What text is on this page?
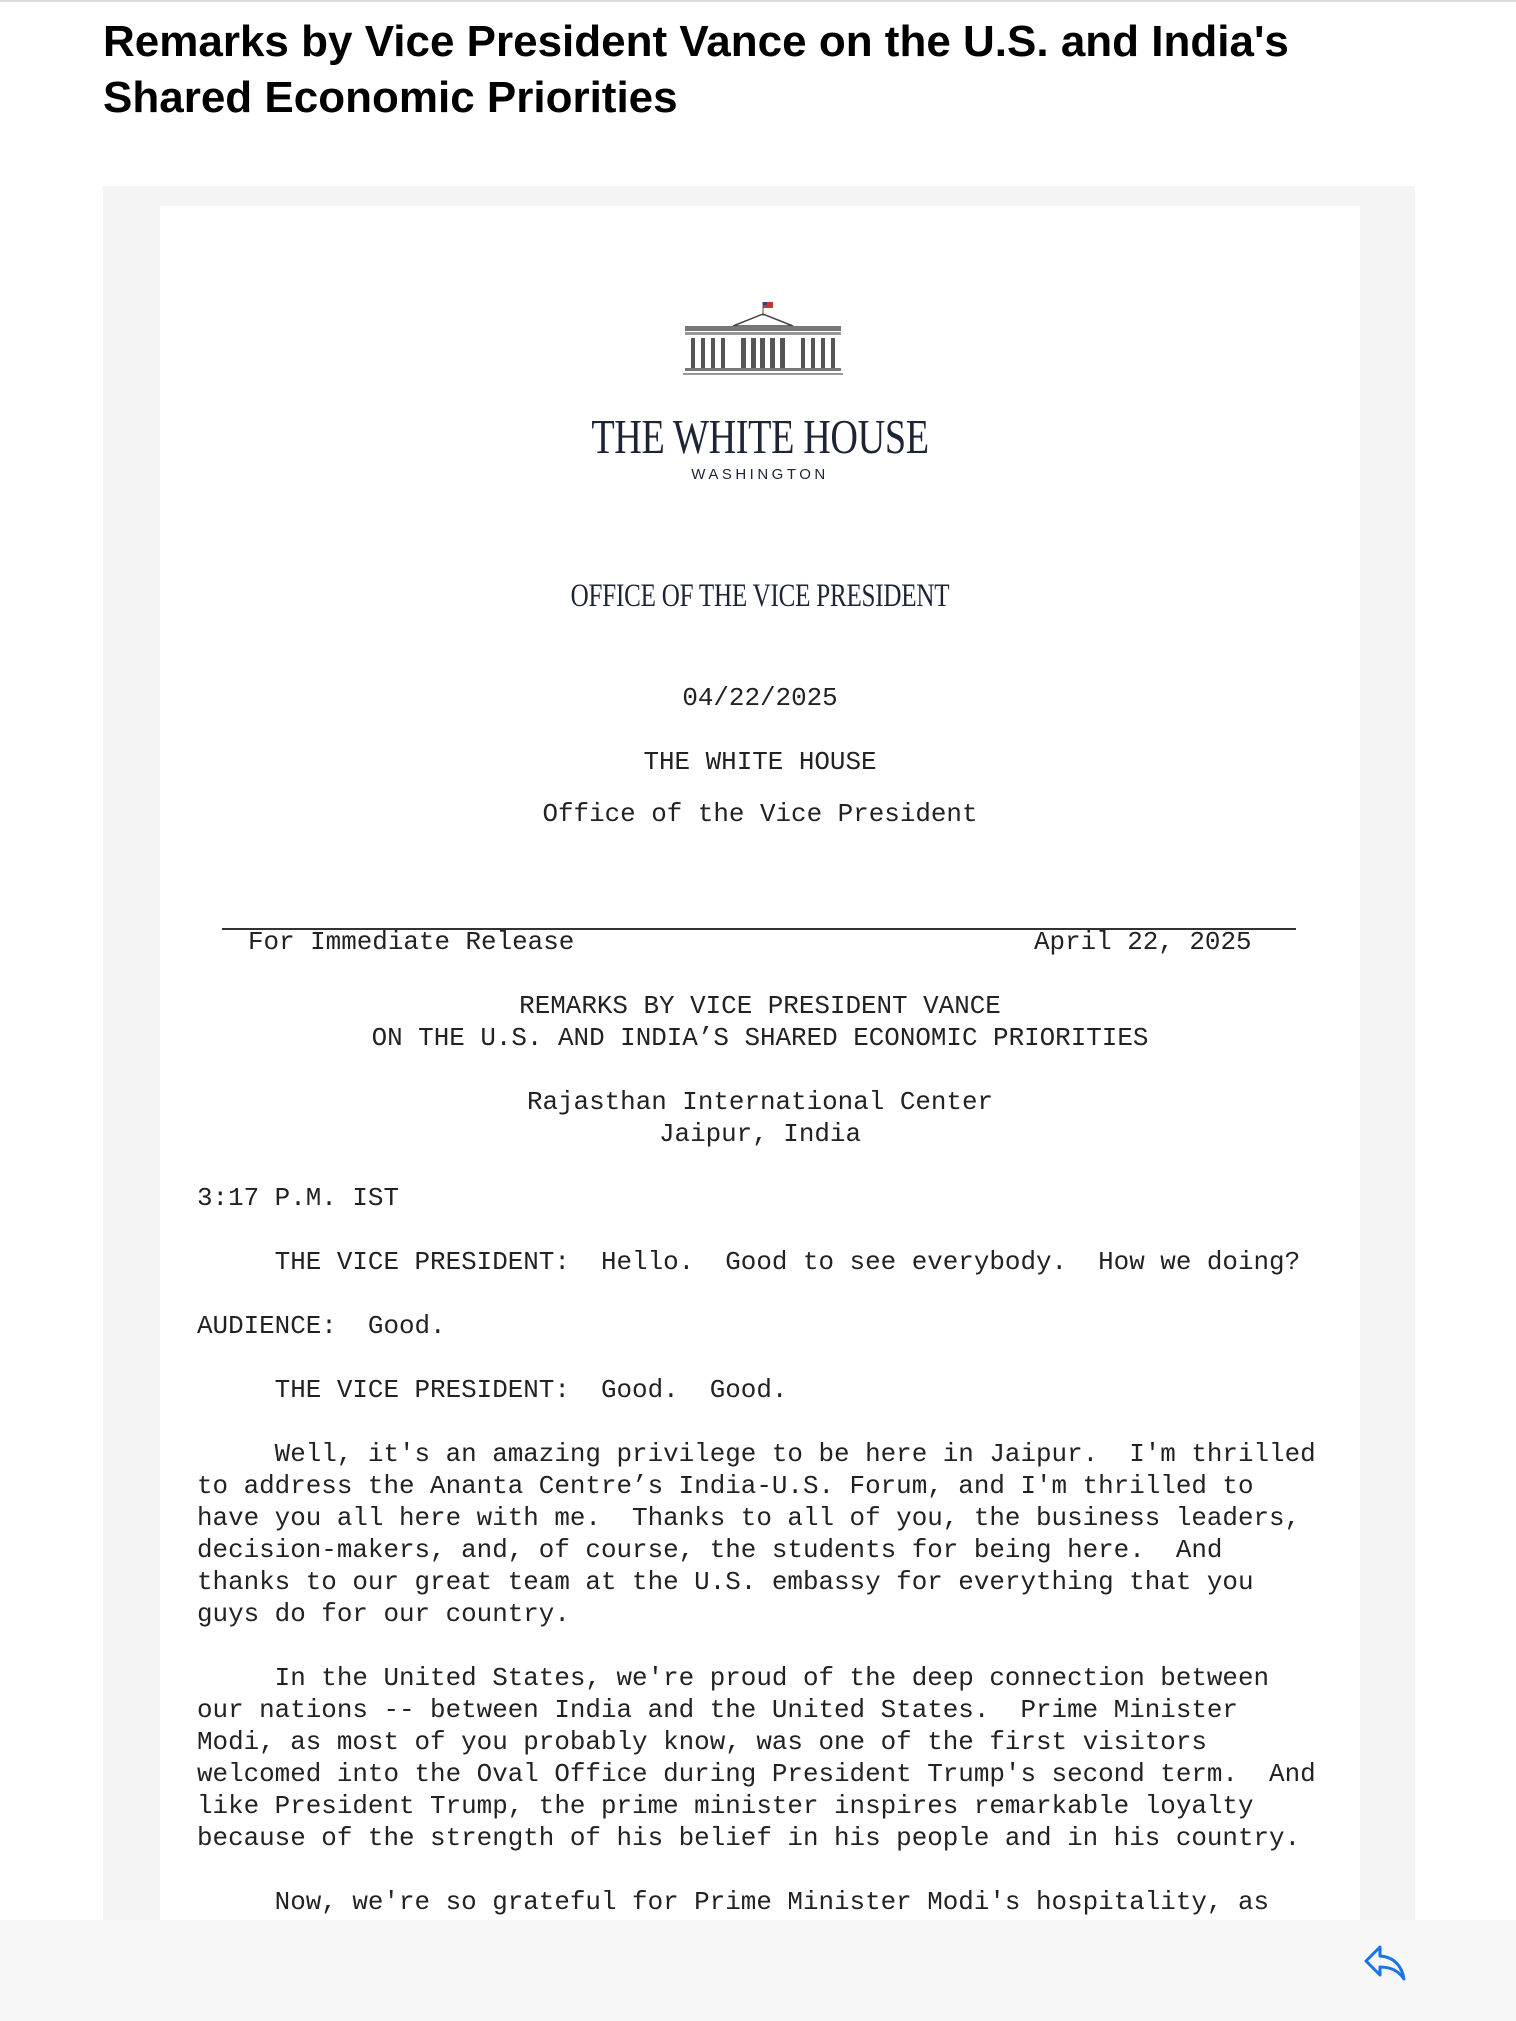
Remarks by Vice President Vance on the U.S. and India's Shared Economic Priorities
THE WHITE HOUSE
WASHINGTON
OFFICE OF THE VICE PRESIDENT
04/22/2025
THE WHITE HOUSE
Office of the Vice President
For Immediate Release	April 22, 2025
REMARKS BY VICE PRESIDENT VANCE
ON THE U.S. AND INDIA’S SHARED ECONOMIC PRIORITIES
Rajasthan International Center
Jaipur, India
3:17 P.M. IST
THE VICE PRESIDENT:  Hello.  Good to see everybody.  How we doing?
AUDIENCE:  Good.
THE VICE PRESIDENT:  Good.  Good.
Well, it's an amazing privilege to be here in Jaipur.  I'm thrilled
to address the Ananta Centre’s India-U.S. Forum, and I'm thrilled to
have you all here with me.  Thanks to all of you, the business leaders,
decision-makers, and, of course, the students for being here.  And
thanks to our great team at the U.S. embassy for everything that you
guys do for our country.
In the United States, we're proud of the deep connection between
our nations -- between India and the United States.  Prime Minister
Modi, as most of you probably know, was one of the first visitors
welcomed into the Oval Office during President Trump's second term.  And
like President Trump, the prime minister inspires remarkable loyalty
because of the strength of his belief in his people and in his country.
Now, we're so grateful for Prime Minister Modi's hospitality, as
